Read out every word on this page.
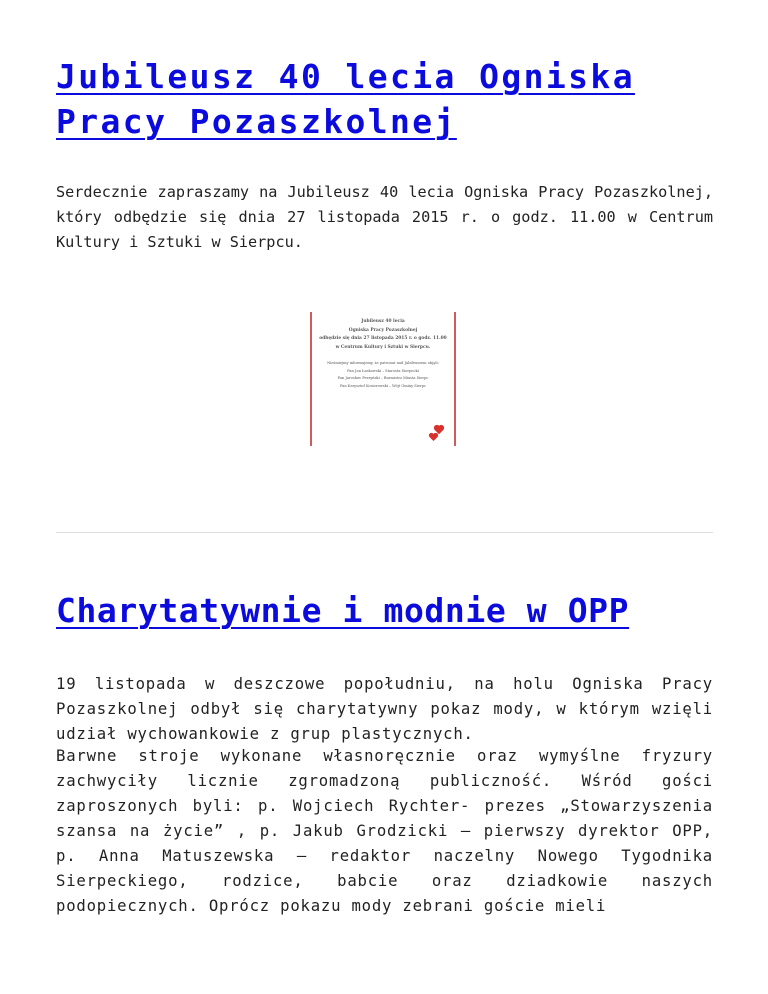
Jubileusz 40 lecia Ogniska Pracy Pozaszkolnej

Serdecznie zapraszamy na Jubileusz 40 lecia Ogniska Pracy Pozaszkolnej, który odbędzie się dnia 27 listopada 2015 r. o godz. 11.00 w Centrum Kultury i Sztuki w Sierpcu.

Jubileusz 40 lecia
Ogniska Pracy Pozaszkolnej
odbędzie się dnia 27 listopada 2015 r. o godz. 11.00
w Centrum Kultury i Sztuki w Sierpcu.
Nieśmiejmy informujemy, że patronat nad Jubileuszem objęli:
Pan Jan Łaskowski – Starosta Sierpecki
Pan Jarosław Perzyński – Burmistrz Miasta Sierpc
Pan Krzysztof Kosiorowski – Wójt Gminy Sierpc
Charytatywnie i modnie w OPP

19 listopada w deszczowe popołudniu, na holu Ogniska Pracy Pozaszkolnej odbył się charytatywny pokaz mody, w którym wzięli udział wychowankowie z grup plastycznych.

Barwne stroje wykonane własnoręcznie oraz wymyślne fryzury zachwyciły licznie zgromadzoną publiczność. Wśród gości zaproszonych byli: p. Wojciech Rychter- prezes „Stowarzyszenia szansa na życie” , p. Jakub Grodzicki – pierwszy dyrektor OPP, p. Anna Matuszewska – redaktor naczelny Nowego Tygodnika Sierpeckiego, rodzice, babcie oraz dziadkowie naszych podopiecznych. Oprócz pokazu mody zebrani goście mieli
